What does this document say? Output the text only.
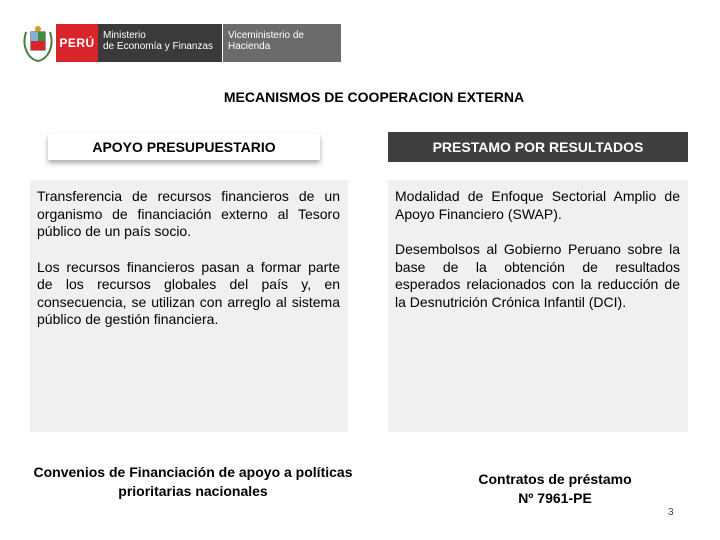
PERÚ
Ministerio
de Economía y Finanzas
Viceministerio de
Hacienda
MECANISMOS DE COOPERACION EXTERNA
APOYO PRESUPUESTARIO	PRESTAMO POR RESULTADOS

Transferencia de recursos financieros de un organismo de financiación externo al Tesoro público de un país socio.

Los recursos financieros pasan a formar parte de los recursos globales del país y, en consecuencia, se utilizan con arreglo al sistema público de gestión financiera.

Modalidad de Enfoque Sectorial Amplio de Apoyo Financiero (SWAP).

Desembolsos al Gobierno Peruano sobre la base de la obtención de resultados esperados relacionados con la reducción de la Desnutrición Crónica Infantil (DCI).

Convenios de Financiación de apoyo a políticas prioritarias nacionales
Contratos de préstamo
Nº 7961-PE
3
